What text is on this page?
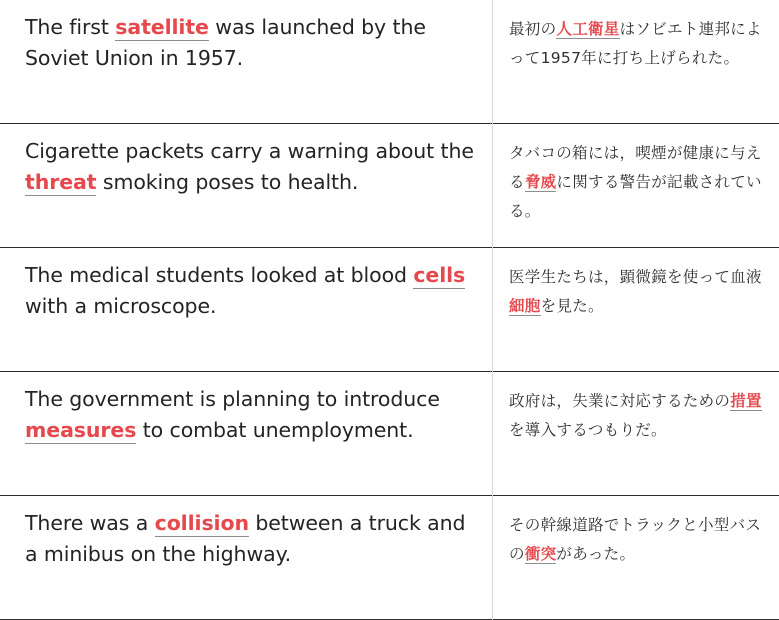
The first satellite was launched by the Soviet Union in 1957.
最初の人工衛星はソビエト連邦によって1957年に打ち上げられた。
Cigarette packets carry a warning about the threat smoking poses to health.
タバコの箱には，喫煙が健康に与える脅威に関する警告が記載されている。
The medical students looked at blood cells with a microscope.
医学生たちは，顕微鏡を使って血液細胞を見た。
The government is planning to introduce measures to combat unemployment.
政府は，失業に対応するための措置を導入するつもりだ。
There was a collision between a truck and a minibus on the highway.
その幹線道路でトラックと小型バスの衝突があった。
